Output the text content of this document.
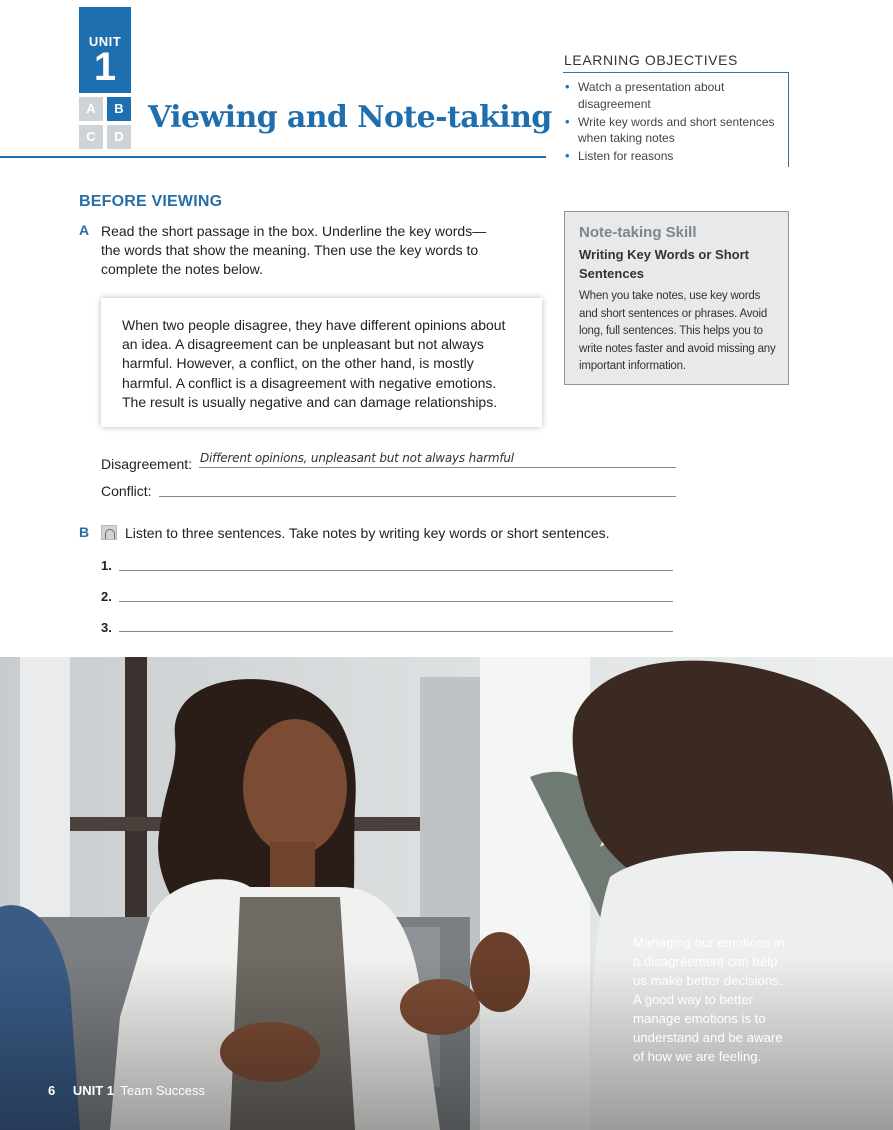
UNIT
1
A	B
C	D
Viewing and Note-taking
LEARNING OBJECTIVES
• Watch a presentation about disagreement
• Write key words and short sentences when taking notes
• Listen for reasons
BEFORE VIEWING
A Read the short passage in the box. Underline the key words—
the words that show the meaning. Then use the key words to
complete the notes below.
When two people disagree, they have different opinions about
an idea. A disagreement can be unpleasant but not always
harmful. However, a conflict, on the other hand, is mostly
harmful. A conflict is a disagreement with negative emotions.
The result is usually negative and can damage relationships.
Disagreement: Different opinions, unpleasant but not always harmful
Conflict:
B	Listen to three sentences. Take notes by writing key words or short sentences.
1.
2.
3.
Note-taking Skill
Writing Key Words or Short
Sentences
When you take notes, use key words
and short sentences or phrases. Avoid
long, full sentences. This helps you to
write notes faster and avoid missing any
important information.
Managing our emotions in
a disagreement can help
us make better decisions.
A good way to better
manage emotions is to
understand and be aware
of how we are feeling.
6 UNIT 1 Team Success
